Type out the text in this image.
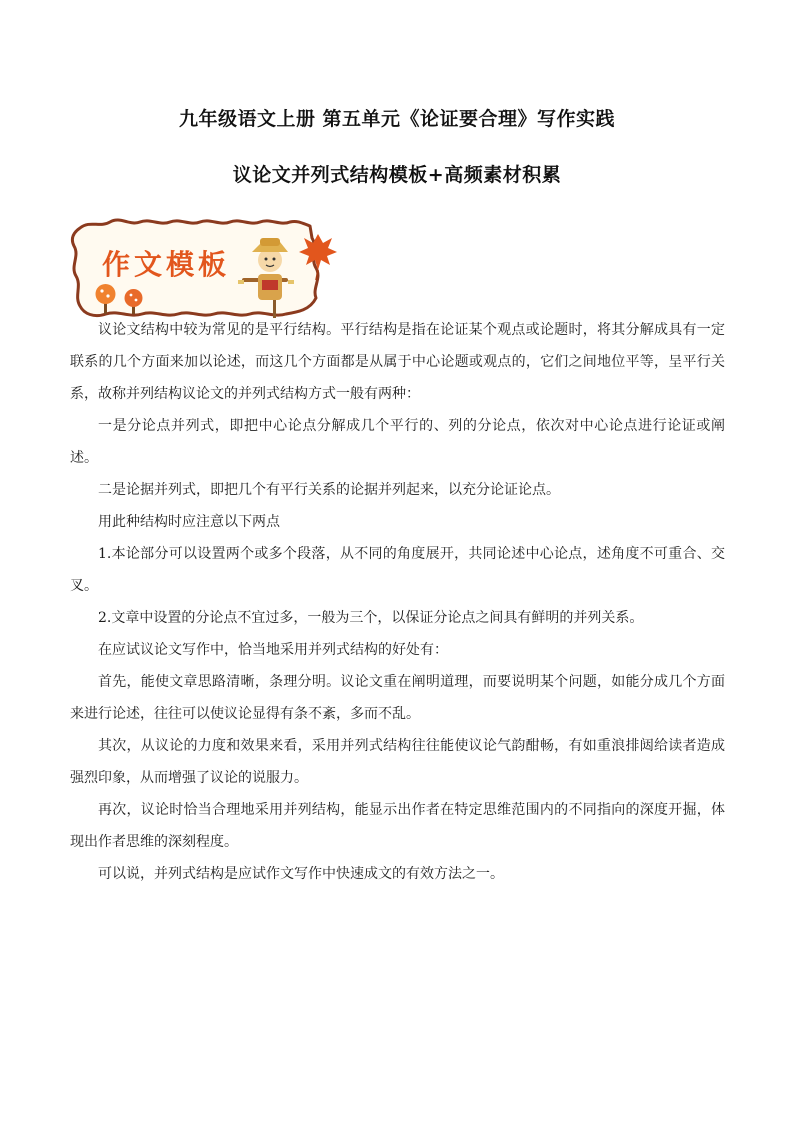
九年级语文上册 第五单元《论证要合理》写作实践
议论文并列式结构模板+高频素材积累
作文模板

议论文结构中较为常见的是平行结构。平行结构是指在论证某个观点或论题时，将其分解成具有一定联系的几个方面来加以论述，而这几个方面都是从属于中心论题或观点的，它们之间地位平等，呈平行关系，故称并列结构议论文的并列式结构方式一般有两种：

一是分论点并列式，即把中心论点分解成几个平行的、列的分论点，依次对中心论点进行论证或阐述。

二是论据并列式，即把几个有平行关系的论据并列起来，以充分论证论点。

用此种结构时应注意以下两点

1.本论部分可以设置两个或多个段落，从不同的角度展开，共同论述中心论点，述角度不可重合、交叉。

2.文章中设置的分论点不宜过多，一般为三个，以保证分论点之间具有鲜明的并列关系。

在应试议论文写作中，恰当地采用并列式结构的好处有：

首先，能使文章思路清晰，条理分明。议论文重在阐明道理，而要说明某个问题，如能分成几个方面来进行论述，往往可以使议论显得有条不紊，多而不乱。

其次，从议论的力度和效果来看，采用并列式结构往往能使议论气韵酣畅，有如重浪排闼给读者造成强烈印象，从而增强了议论的说服力。

再次，议论时恰当合理地采用并列结构，能显示出作者在特定思维范围内的不同指向的深度开掘，体现出作者思维的深刻程度。

可以说，并列式结构是应试作文写作中快速成文的有效方法之一。
